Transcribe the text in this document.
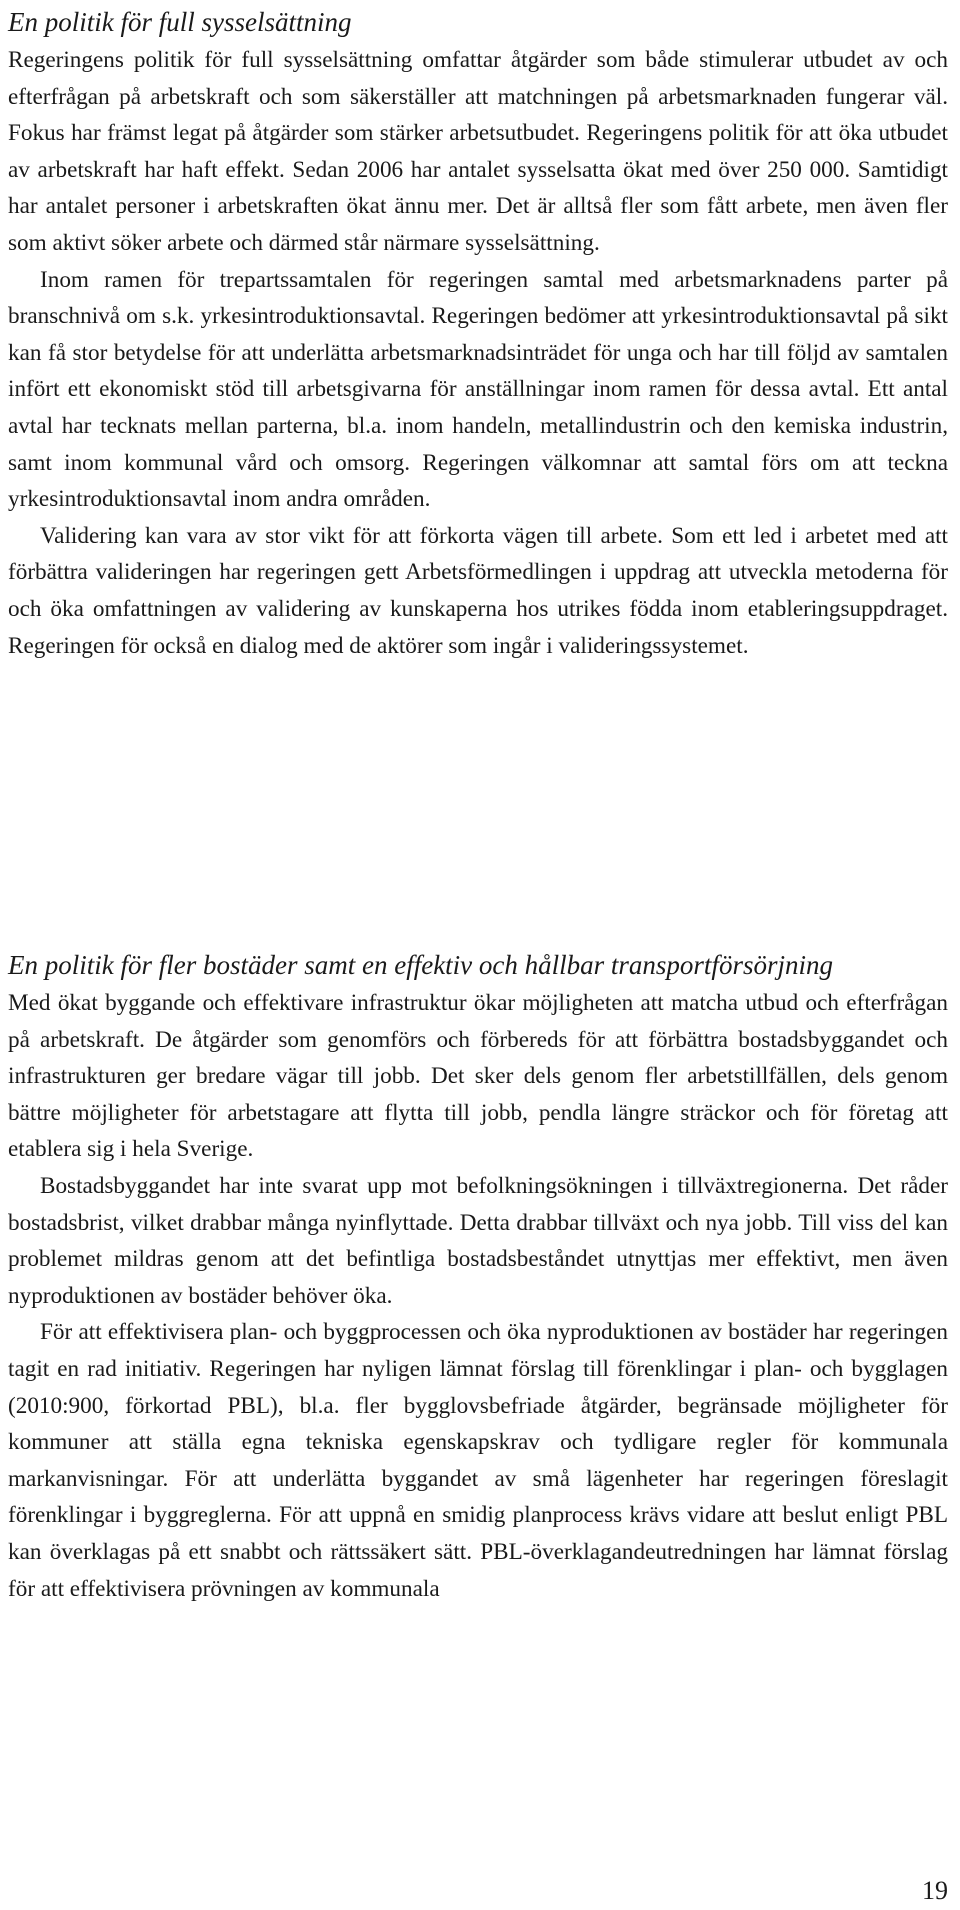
En politik för full sysselsättning

Regeringens politik för full sysselsättning omfattar åtgärder som både stimulerar utbudet av och efterfrågan på arbetskraft och som säkerställer att matchningen på arbetsmarknaden fungerar väl. Fokus har främst legat på åtgärder som stärker arbetsutbudet. Regeringens politik för att öka utbudet av arbetskraft har haft effekt. Sedan 2006 har antalet sysselsatta ökat med över 250 000. Samtidigt har antalet personer i arbetskraften ökat ännu mer. Det är alltså fler som fått arbete, men även fler som aktivt söker arbete och därmed står närmare sysselsättning.

Inom ramen för trepartssamtalen för regeringen samtal med arbetsmarknadens parter på branschnivå om s.k. yrkesintroduktionsavtal. Regeringen bedömer att yrkesintroduktionsavtal på sikt kan få stor betydelse för att underlätta arbetsmarknadsinträdet för unga och har till följd av samtalen infört ett ekonomiskt stöd till arbetsgivarna för anställningar inom ramen för dessa avtal. Ett antal avtal har tecknats mellan parterna, bl.a. inom handeln, metallindustrin och den kemiska industrin, samt inom kommunal vård och omsorg. Regeringen välkomnar att samtal förs om att teckna yrkesintroduktionsavtal inom andra områden.

Validering kan vara av stor vikt för att förkorta vägen till arbete. Som ett led i arbetet med att förbättra valideringen har regeringen gett Arbetsförmedlingen i uppdrag att utveckla metoderna för och öka omfattningen av validering av kunskaperna hos utrikes födda inom etableringsuppdraget. Regeringen för också en dialog med de aktörer som ingår i valideringssystemet.

En politik för fler bostäder samt en effektiv och hållbar transportförsörjning

Med ökat byggande och effektivare infrastruktur ökar möjligheten att matcha utbud och efterfrågan på arbetskraft. De åtgärder som genomförs och förbereds för att förbättra bostadsbyggandet och infrastrukturen ger bredare vägar till jobb. Det sker dels genom fler arbetstillfällen, dels genom bättre möjligheter för arbetstagare att flytta till jobb, pendla längre sträckor och för företag att etablera sig i hela Sverige.

Bostadsbyggandet har inte svarat upp mot befolkningsökningen i tillväxtregionerna. Det råder bostadsbrist, vilket drabbar många nyinflyttade. Detta drabbar tillväxt och nya jobb. Till viss del kan problemet mildras genom att det befintliga bostadsbeståndet utnyttjas mer effektivt, men även nyproduktionen av bostäder behöver öka.

För att effektivisera plan- och byggprocessen och öka nyproduktionen av bostäder har regeringen tagit en rad initiativ. Regeringen har nyligen lämnat förslag till förenklingar i plan- och bygglagen (2010:900, förkortad PBL), bl.a. fler bygglovsbefriade åtgärder, begränsade möjligheter för kommuner att ställa egna tekniska egenskapskrav och tydligare regler för kommunala markanvisningar. För att underlätta byggandet av små lägenheter har regeringen föreslagit förenklingar i byggreglerna. För att uppnå en smidig planprocess krävs vidare att beslut enligt PBL kan överklagas på ett snabbt och rättssäkert sätt. PBL-överklagandeutredningen har lämnat förslag för att effektivisera prövningen av kommunala

19
